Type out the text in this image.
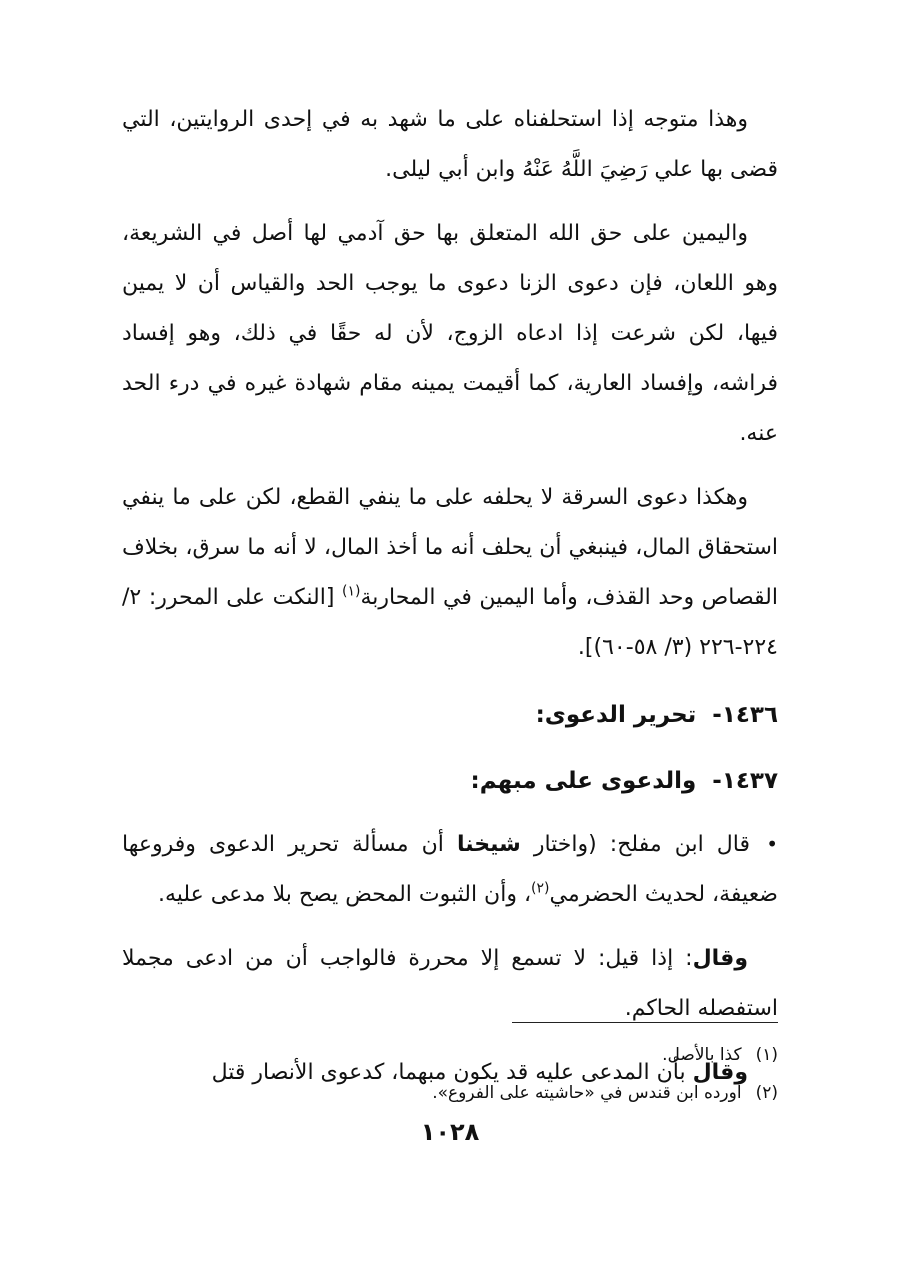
وهذا متوجه إذا استحلفناه على ما شهد به في إحدى الروايتين، التي قضى بها علي رَضِيَ اللَّهُ عَنْهُ وابن أبي ليلى.

واليمين على حق الله المتعلق بها حق آدمي لها أصل في الشريعة، وهو اللعان، فإن دعوى الزنا دعوى ما يوجب الحد والقياس أن لا يمين فيها، لكن شرعت إذا ادعاه الزوج، لأن له حقًا في ذلك، وهو إفساد فراشه، وإفساد العارية، كما أقيمت يمينه مقام شهادة غيره في درء الحد عنه.

وهكذا دعوى السرقة لا يحلفه على ما ينفي القطع، لكن على ما ينفي استحقاق المال، فينبغي أن يحلف أنه ما أخذ المال، لا أنه ما سرق، بخلاف القصاص وحد القذف، وأما اليمين في المحاربة$^{(١)}$ [النكت على المحرر: ٢/ ٢٢٤-٢٢٦ (٣/ ٥٨-٦٠)].

١٤٣٦-تحرير الدعوى:
١٤٣٧-والدعوى على مبهم:

•قال ابن مفلح: (واختار شيخنا أن مسألة تحرير الدعوى وفروعها ضعيفة، لحديث الحضرمي$^{(٢)}$، وأن الثبوت المحض يصح بلا مدعى عليه.

وقال: إذا قيل: لا تسمع إلا محررة فالواجب أن من ادعى مجملا استفصله الحاكم.

وقال بأن المدعى عليه قد يكون مبهما، كدعوى الأنصار قتل

(١)كذا بالأصل.
(٢)أورده ابن قندس في «حاشيته على الفروع».
١٠٢٨
